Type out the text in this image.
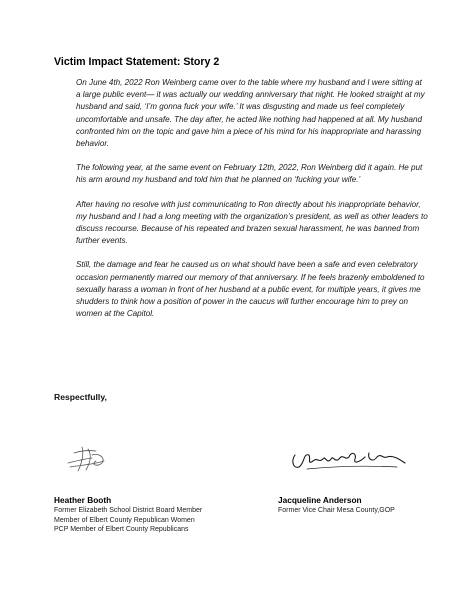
Victim Impact Statement: Story 2

On June 4th, 2022 Ron Weinberg came over to the table where my husband and I were sitting at a large public event— it was actually our wedding anniversary that night. He looked straight at my husband and said, ‘I’m gonna fuck your wife.’ It was disgusting and made us feel completely uncomfortable and unsafe. The day after, he acted like nothing had happened at all. My husband confronted him on the topic and gave him a piece of his mind for his inappropriate and harassing behavior.

The following year, at the same event on February 12th, 2022, Ron Weinberg did it again. He put his arm around my husband and told him that he planned on ‘fucking your wife.’

After having no resolve with just communicating to Ron directly about his inappropriate behavior, my husband and I had a long meeting with the organization’s president, as well as other leaders to discuss recourse. Because of his repeated and brazen sexual harassment, he was banned from further events.

Still, the damage and fear he caused us on what should have been a safe and even celebratory occasion permanently marred our memory of that anniversary. If he feels brazenly emboldened to sexually harass a woman in front of her husband at a public event, for multiple years, it gives me shudders to think how a position of power in the caucus will further encourage him to prey on women at the Capitol.

Respectfully,
Heather Booth
Former Elizabeth School District Board Member
Member of Elbert County Republican Women
PCP Member of Elbert County Republicans
Jacqueline Anderson
Former Vice Chair Mesa County,GOP
